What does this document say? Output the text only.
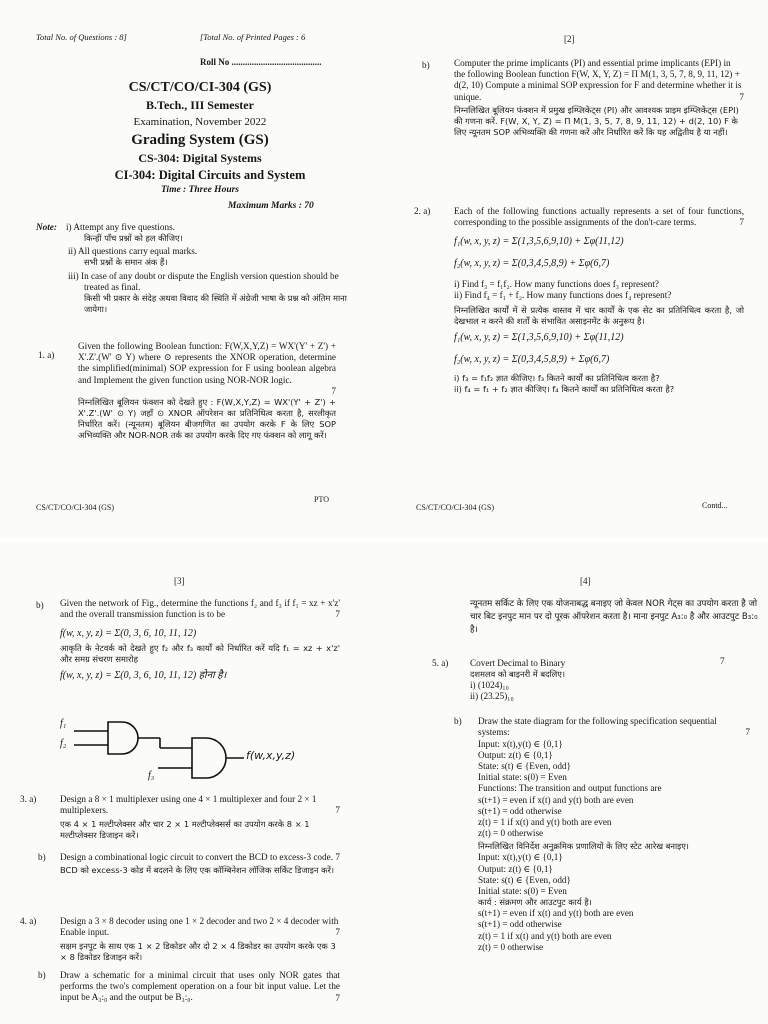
Total No. of Questions : 8]	[Total No. of Printed Pages : 6
Roll No ........................................
CS/CT/CO/CI-304 (GS)
B.Tech., III Semester
Examination, November 2022
Grading System (GS)
CS-304: Digital Systems
CI-304: Digital Circuits and System
Time : Three Hours
Maximum Marks : 70
Note: i) Attempt any five questions.
किन्हीं पाँच प्रश्नों को हल कीजिए।
ii) All questions carry equal marks.
सभी प्रश्नों के समान अंक हैं।
iii) In case of any doubt or dispute the English version question should be treated as final.
किसी भी प्रकार के संदेह अथवा विवाद की स्थिति में अंग्रेजी भाषा के प्रश्न को अंतिम माना जायेगा।
1. a)
Given the following Boolean function: F(W,X,Y,Z) = WX'(Y' + Z') + X'.Z'.(W' ⊙ Y) where ⊙ represents the XNOR operation, determine the simplified(minimal) SOP expression for F using boolean algebra and Implement the given function using NOR-NOR logic.
7
निम्नलिखित बूलियन फंक्शन को देखते हुए : F(W,X,Y,Z) = WX'(Y' + Z') + X'.Z'.(W' ⊙ Y) जहाँ ⊙ XNOR ऑपरेशन का प्रतिनिधित्व करता है, सरलीकृत निर्धारित करें। (न्यूनतम) बूलियन बीजगणित का उपयोग करके F के लिए SOP अभिव्यक्ति और NOR-NOR तर्क का उपयोग करके दिए गए फंक्शन को लागू करें।
CS/CT/CO/CI-304 (GS)
PTO
[2]
b)	Computer the prime implicants (PI) and essential prime implicants (EPI) in the following Boolean function F(W, X, Y, Z) = Π M(1, 3, 5, 7, 8, 9, 11, 12) + d(2, 10) Compute a minimal SOP expression for F and determine whether it is unique.	7
निम्नलिखित बूलियन फंक्शन में प्रमुख इम्प्लिकेंट्स (PI) और आवश्यक प्राइम इम्प्लिकेंट्स (EPI) की गणना करें. F(W, X, Y, Z) = Π M(1, 3, 5, 7, 8, 9, 11, 12) + d(2, 10) F के लिए न्यूनतम SOP अभिव्यक्ति की गणना करें और निर्धारित करें कि यह अद्वितीय है या नहीं।
2. a)	Each of the following functions actually represents a set of four functions, corresponding to the possible assignments of the don't-care terms.	7
f₁(w, x, y, z) = Σ(1,3,5,6,9,10) + Σφ(11,12)
f₂(w, x, y, z) = Σ(0,3,4,5,8,9) + Σφ(6,7)
i) Find f₃ = f₁f₂. How many functions does f₃ represent?
ii) Find f₄ = f₁ + f₂. How many functions does f₄ represent?
निम्नलिखित कार्यों में से प्रत्येक वास्तव में चार कार्यों के एक सेट का प्रतिनिधित्व करता है, जो देखभाल न करने की शर्तों के संभावित असाइनमेंट के अनुरूप है।
f₁(w, x, y, z) = Σ(1,3,5,6,9,10) + Σφ(11,12)
f₂(w, x, y, z) = Σ(0,3,4,5,8,9) + Σφ(6,7)
i) f₃ = f₁f₂ ज्ञात कीजिए। f₃ कितने कार्यों का प्रतिनिधित्व करता है?
ii) f₄ = f₁ + f₂ ज्ञात कीजिए। f₄ कितने कार्यों का प्रतिनिधित्व करता है?
CS/CT/CO/CI-304 (GS)	Contd...
[3]
b) Given the network of Fig., determine the functions f₂ and f₃ if f₁ = xz + x'z' and the overall transmission function is to be	7
f(w, x, y, z) = Σ(0, 3, 6, 10, 11, 12)
आकृति के नेटवर्क को देखते हुए f₂ और f₃ कार्यों को निर्धारित करें यदि f₁ = xz + x'z' और समग्र संचरण समारोह
f(w, x, y, z) = Σ(0, 3, 6, 10, 11, 12) होना है।
f₁
f₂
f₃
f(w,x,y,z)
3. a)	Design a 8 × 1 multiplexer using one 4 × 1 multiplexer and four 2 × 1 multiplexers.	7
एक 4 × 1 मल्टीप्लेक्सर और चार 2 × 1 मल्टीप्लेक्सर्स का उपयोग करके 8 × 1 मल्टीप्लेक्सर डिजाइन करें।
b) Design a combinational logic circuit to convert the BCD to excess-3 code. 7
BCD को excess-3 कोड में बदलने के लिए एक कॉम्बिनेशन लॉजिक सर्किट डिजाइन करें।
4. a)	Design a 3 × 8 decoder using one 1 × 2 decoder and two 2 × 4 decoder with Enable input.	7
सक्षम इनपुट के साथ एक 1 × 2 डिकोडर और दो 2 × 4 डिकोडर का उपयोग करके एक 3 × 8 डिकोडर डिजाइन करें।
b) Draw a schematic for a minimal circuit that uses only NOR gates that performs the two's complement operation on a four bit input value. Let the input be A₃:₀ and the output be B₃:₀.	7
[4]
न्यूनतम सर्किट के लिए एक योजनाबद्ध बनाइए जो केवल NOR गेट्स का उपयोग करता है जो चार बिट इनपुट मान पर दो पूरक ऑपरेशन करता है। माना इनपुट A₃:₀ है और आउटपुट B₃:₀ है।
5. a) Covert Decimal to Binary
दशमलव को बाइनरी में बदलिए।
i) (1024)₁₀
ii) (23.25)₁₀
7
b) Draw the state diagram for the following specification sequential systems:	7
Input: x(t),y(t) ∈ {0,1}
Output: z(t) ∈ {0,1}
State: s(t) ∈ {Even, odd}
Initial state: s(0) = Even
Functions: The transition and output functions are
s(t+1) = even if x(t) and y(t) both are even
s(t+1) = odd otherwise
z(t) = 1 if x(t) and y(t) both are even
z(t) = 0 otherwise
निम्नलिखित विनिर्देश अनुक्रमिक प्रणालियों के लिए स्टेट आरेख बनाइए।
Input: x(t),y(t) ∈ {0,1}
Output: z(t) ∈ {0,1}
State: s(t) ∈ {Even, odd}
Initial state: s(0) = Even
कार्य : संक्रमण और आउटपुट कार्य है।
s(t+1) = even if x(t) and y(t) both are even
s(t+1) = odd otherwise
z(t) = 1 if x(t) and y(t) both are even
z(t) = 0 otherwise
